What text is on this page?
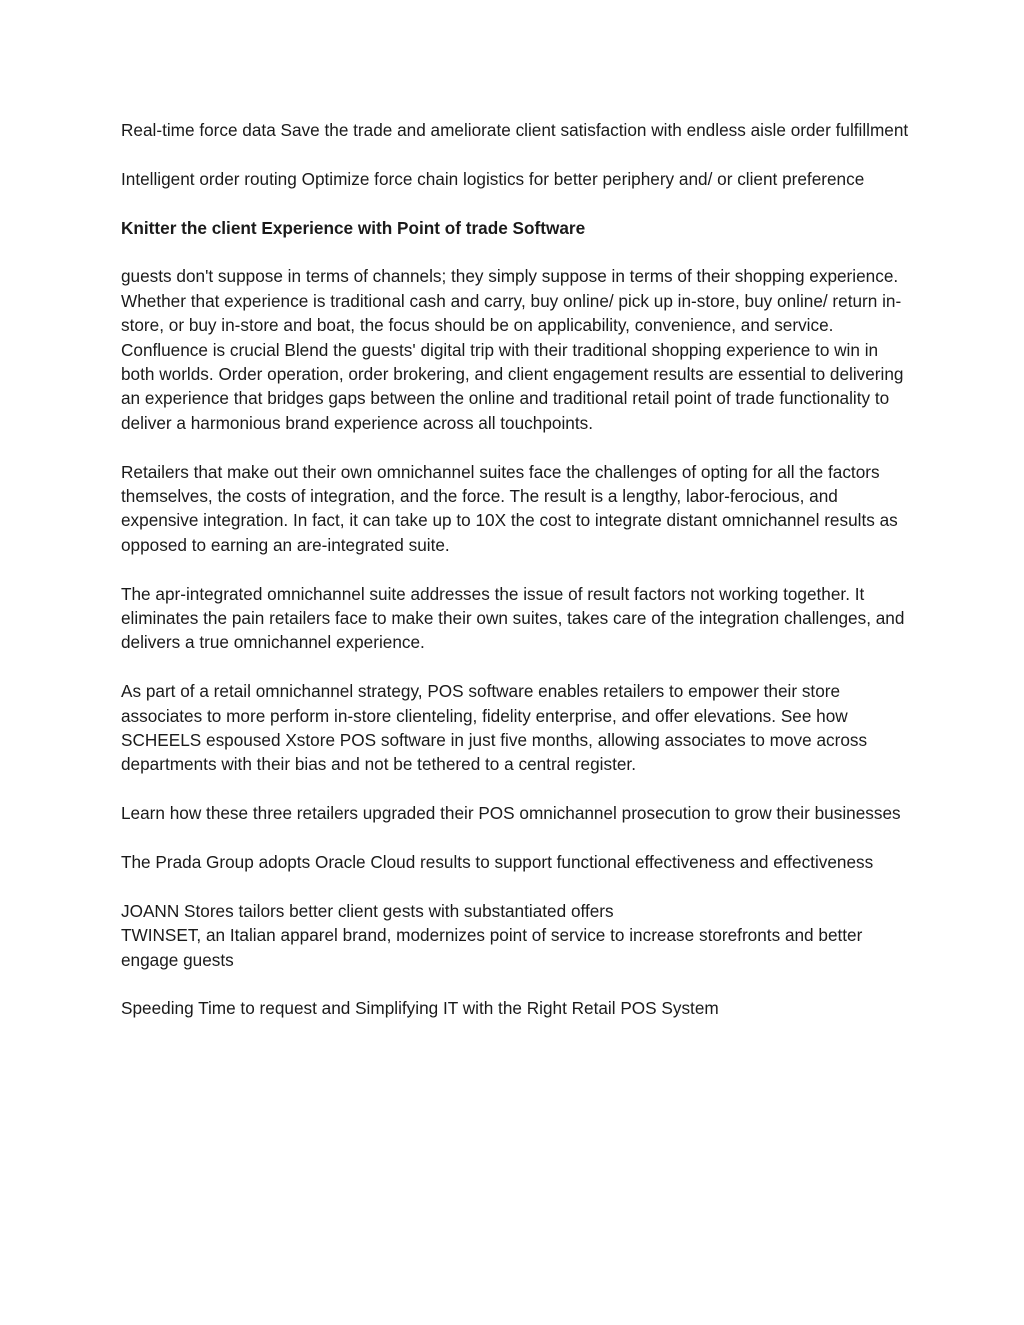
Real-time force data Save the trade and ameliorate client satisfaction with endless aisle order fulfillment

Intelligent order routing Optimize force chain logistics for better periphery and/ or client preference

Knitter the client Experience with Point of trade Software

guests don't suppose in terms of channels; they simply suppose in terms of their shopping experience. Whether that experience is traditional cash and carry, buy online/ pick up in-store, buy online/ return in-store, or buy in-store and boat, the focus should be on applicability, convenience, and service. Confluence is crucial Blend the guests' digital trip with their traditional shopping experience to win in both worlds. Order operation, order brokering, and client engagement results are essential to delivering an experience that bridges gaps between the online and traditional retail point of trade functionality to deliver a harmonious brand experience across all touchpoints.

Retailers that make out their own omnichannel suites face the challenges of opting for all the factors themselves, the costs of integration, and the force. The result is a lengthy, labor-ferocious, and expensive integration. In fact, it can take up to 10X the cost to integrate distant omnichannel results as opposed to earning an are-integrated suite.

The apr-integrated omnichannel suite addresses the issue of result factors not working together. It eliminates the pain retailers face to make their own suites, takes care of the integration challenges, and delivers a true omnichannel experience.

As part of a retail omnichannel strategy, POS software enables retailers to empower their store associates to more perform in-store clienteling, fidelity enterprise, and offer elevations. See how SCHEELS espoused Xstore POS software in just five months, allowing associates to move across departments with their bias and not be tethered to a central register.

Learn how these three retailers upgraded their POS omnichannel prosecution to grow their businesses

The Prada Group adopts Oracle Cloud results to support functional effectiveness and effectiveness

JOANN Stores tailors better client gests with substantiated offers

TWINSET, an Italian apparel brand, modernizes point of service to increase storefronts and better engage guests

Speeding Time to request and Simplifying IT with the Right Retail POS System
